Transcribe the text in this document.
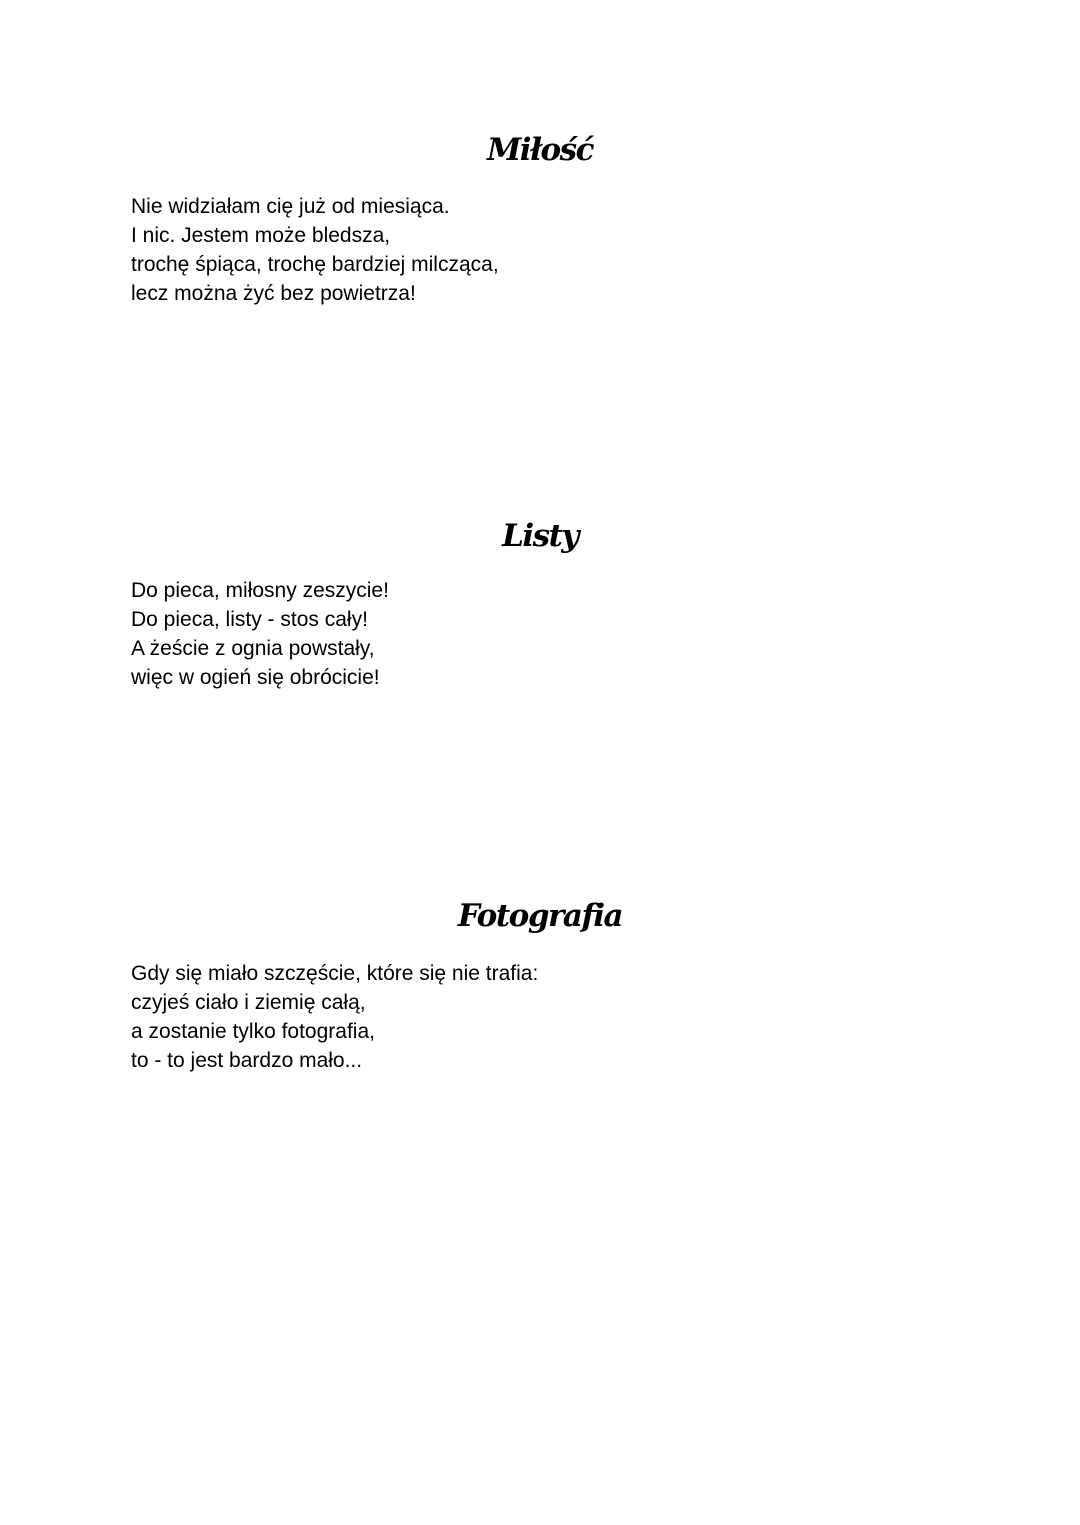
Miłość
Nie widziałam cię już od miesiąca.
I nic. Jestem może bledsza,
trochę śpiąca, trochę bardziej milcząca,
lecz można żyć bez powietrza!
Listy
Do pieca, miłosny zeszycie!
Do pieca, listy - stos cały!
A żeście z ognia powstały,
więc w ogień się obrócicie!
Fotografia
Gdy się miało szczęście, które się nie trafia:
czyjeś ciało i ziemię całą,
a zostanie tylko fotografia,
to - to jest bardzo mało...
